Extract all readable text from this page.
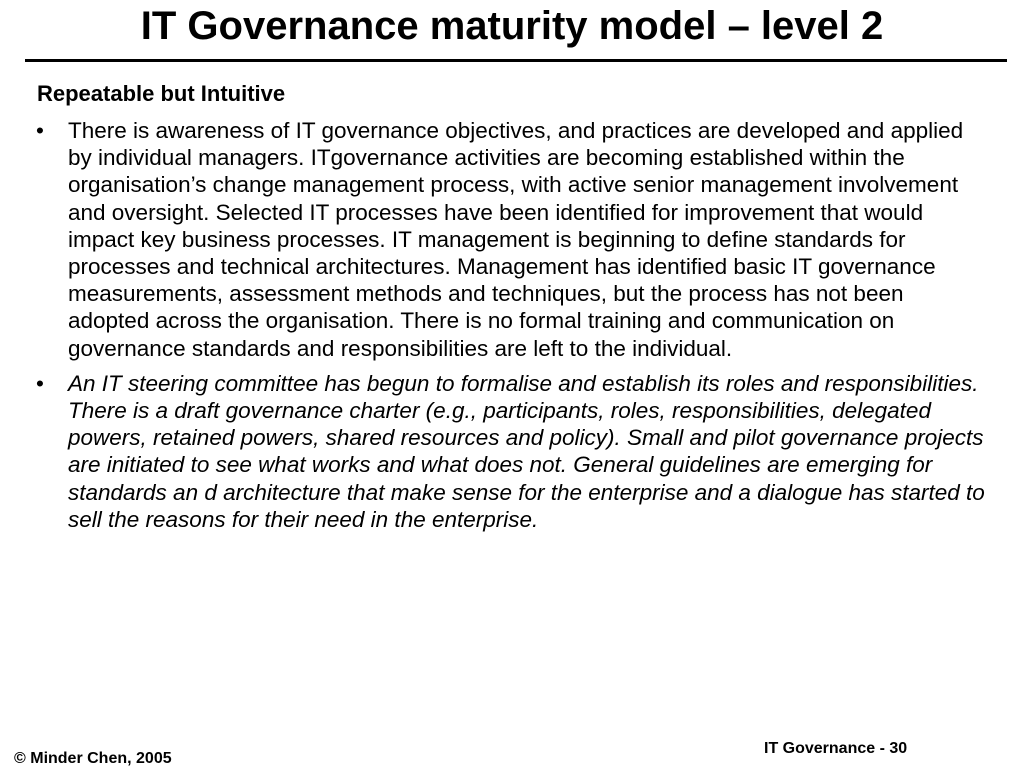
IT Governance maturity model – level 2
Repeatable but Intuitive
• There is awareness of IT governance objectives, and practices are developed and applied by individual managers. ITgovernance activities are becoming established within the organisation’s change management process, with active senior management involvement and oversight. Selected IT processes have been identified for improvement that would impact key business processes. IT management is beginning to define standards for processes and technical architectures. Management has identified basic IT governance measurements, assessment methods and techniques, but the process has not been adopted across the organisation. There is no formal training and communication on governance standards and responsibilities are left to the individual.
• An IT steering committee has begun to formalise and establish its roles and responsibilities. There is a draft governance charter (e.g., participants, roles, responsibilities, delegated powers, retained powers, shared resources and policy). Small and pilot governance projects are initiated to see what works and what does not. General guidelines are emerging for standards an d architecture that make sense for the enterprise and a dialogue has started to sell the reasons for their need in the enterprise.
© Minder Chen, 2005
IT Governance - 30
